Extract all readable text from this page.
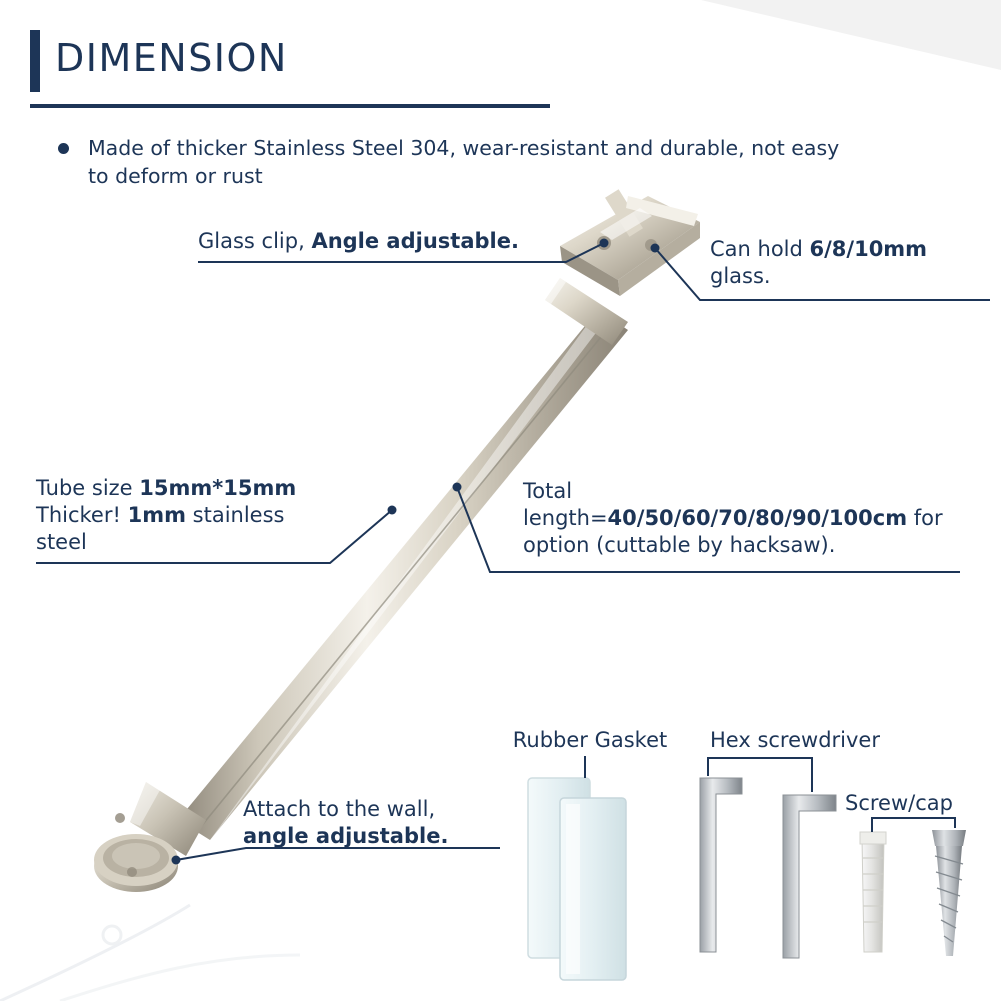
DIMENSION
Made of thicker Stainless Steel 304, wear-resistant and durable, not easy to deform or rust
Glass clip, Angle adjustable.	Can hold 6/8/10mm glass.
Tube size 15mm*15mm
Thicker! 1mm stainless
steel
Total length=40/50/60/70/80/90/100cm for option (cuttable by hacksaw).
Attach to the wall,
angle adjustable.
Rubber Gasket	Hex screwdriver
Screw/cap
